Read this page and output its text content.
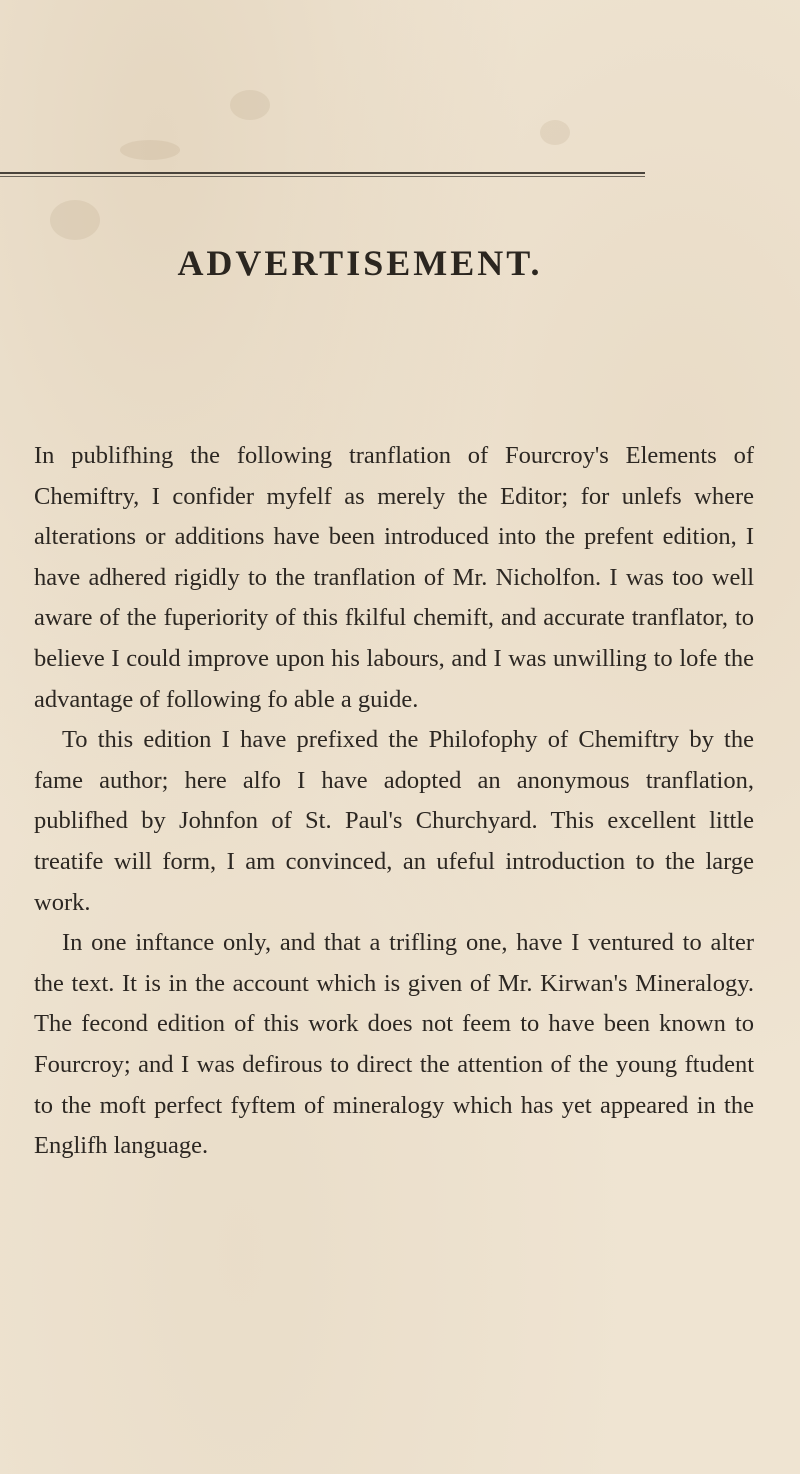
ADVERTISEMENT.

In publifhing the following tranflation of Fourcroy's Elements of Chemiftry, I confider myfelf as merely the Editor; for unlefs where alterations or additions have been introduced into the prefent edition, I have adhered rigidly to the tranflation of Mr. Nicholfon. I was too well aware of the fuperiority of this fkilful chemift, and accurate tranflator, to believe I could improve upon his labours, and I was unwilling to lofe the advantage of following fo able a guide.

To this edition I have prefixed the Philofophy of Chemiftry by the fame author; here alfo I have adopted an anonymous tranflation, publifhed by Johnfon of St. Paul's Churchyard. This excellent little treatife will form, I am convinced, an ufeful introduction to the large work.

In one inftance only, and that a trifling one, have I ventured to alter the text. It is in the account which is given of Mr. Kirwan's Mineralogy. The fecond edition of this work does not feem to have been known to Fourcroy; and I was defirous to direct the attention of the young ftudent to the moft perfect fyftem of mineralogy which has yet appeared in the Englifh language.
